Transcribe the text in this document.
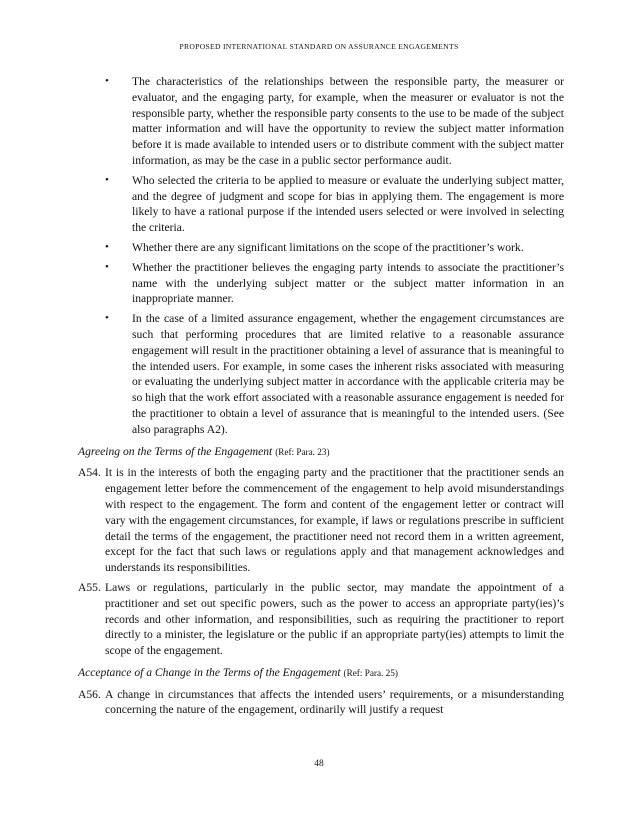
PROPOSED INTERNATIONAL STANDARD ON ASSURANCE ENGAGEMENTS
• The characteristics of the relationships between the responsible party, the measurer or evaluator, and the engaging party, for example, when the measurer or evaluator is not the responsible party, whether the responsible party consents to the use to be made of the subject matter information and will have the opportunity to review the subject matter information before it is made available to intended users or to distribute comment with the subject matter information, as may be the case in a public sector performance audit.
• Who selected the criteria to be applied to measure or evaluate the underlying subject matter, and the degree of judgment and scope for bias in applying them. The engagement is more likely to have a rational purpose if the intended users selected or were involved in selecting the criteria.
• Whether there are any significant limitations on the scope of the practitioner’s work.
• Whether the practitioner believes the engaging party intends to associate the practitioner’s name with the underlying subject matter or the subject matter information in an inappropriate manner.
• In the case of a limited assurance engagement, whether the engagement circumstances are such that performing procedures that are limited relative to a reasonable assurance engagement will result in the practitioner obtaining a level of assurance that is meaningful to the intended users. For example, in some cases the inherent risks associated with measuring or evaluating the underlying subject matter in accordance with the applicable criteria may be so high that the work effort associated with a reasonable assurance engagement is needed for the practitioner to obtain a level of assurance that is meaningful to the intended users. (See also paragraphs A2).
Agreeing on the Terms of the Engagement (Ref: Para. 23)
A54. It is in the interests of both the engaging party and the practitioner that the practitioner sends an engagement letter before the commencement of the engagement to help avoid misunderstandings with respect to the engagement. The form and content of the engagement letter or contract will vary with the engagement circumstances, for example, if laws or regulations prescribe in sufficient detail the terms of the engagement, the practitioner need not record them in a written agreement, except for the fact that such laws or regulations apply and that management acknowledges and understands its responsibilities.
A55. Laws or regulations, particularly in the public sector, may mandate the appointment of a practitioner and set out specific powers, such as the power to access an appropriate party(ies)’s records and other information, and responsibilities, such as requiring the practitioner to report directly to a minister, the legislature or the public if an appropriate party(ies) attempts to limit the scope of the engagement.
Acceptance of a Change in the Terms of the Engagement (Ref: Para. 25)
A56. A change in circumstances that affects the intended users’ requirements, or a misunderstanding concerning the nature of the engagement, ordinarily will justify a request
48
